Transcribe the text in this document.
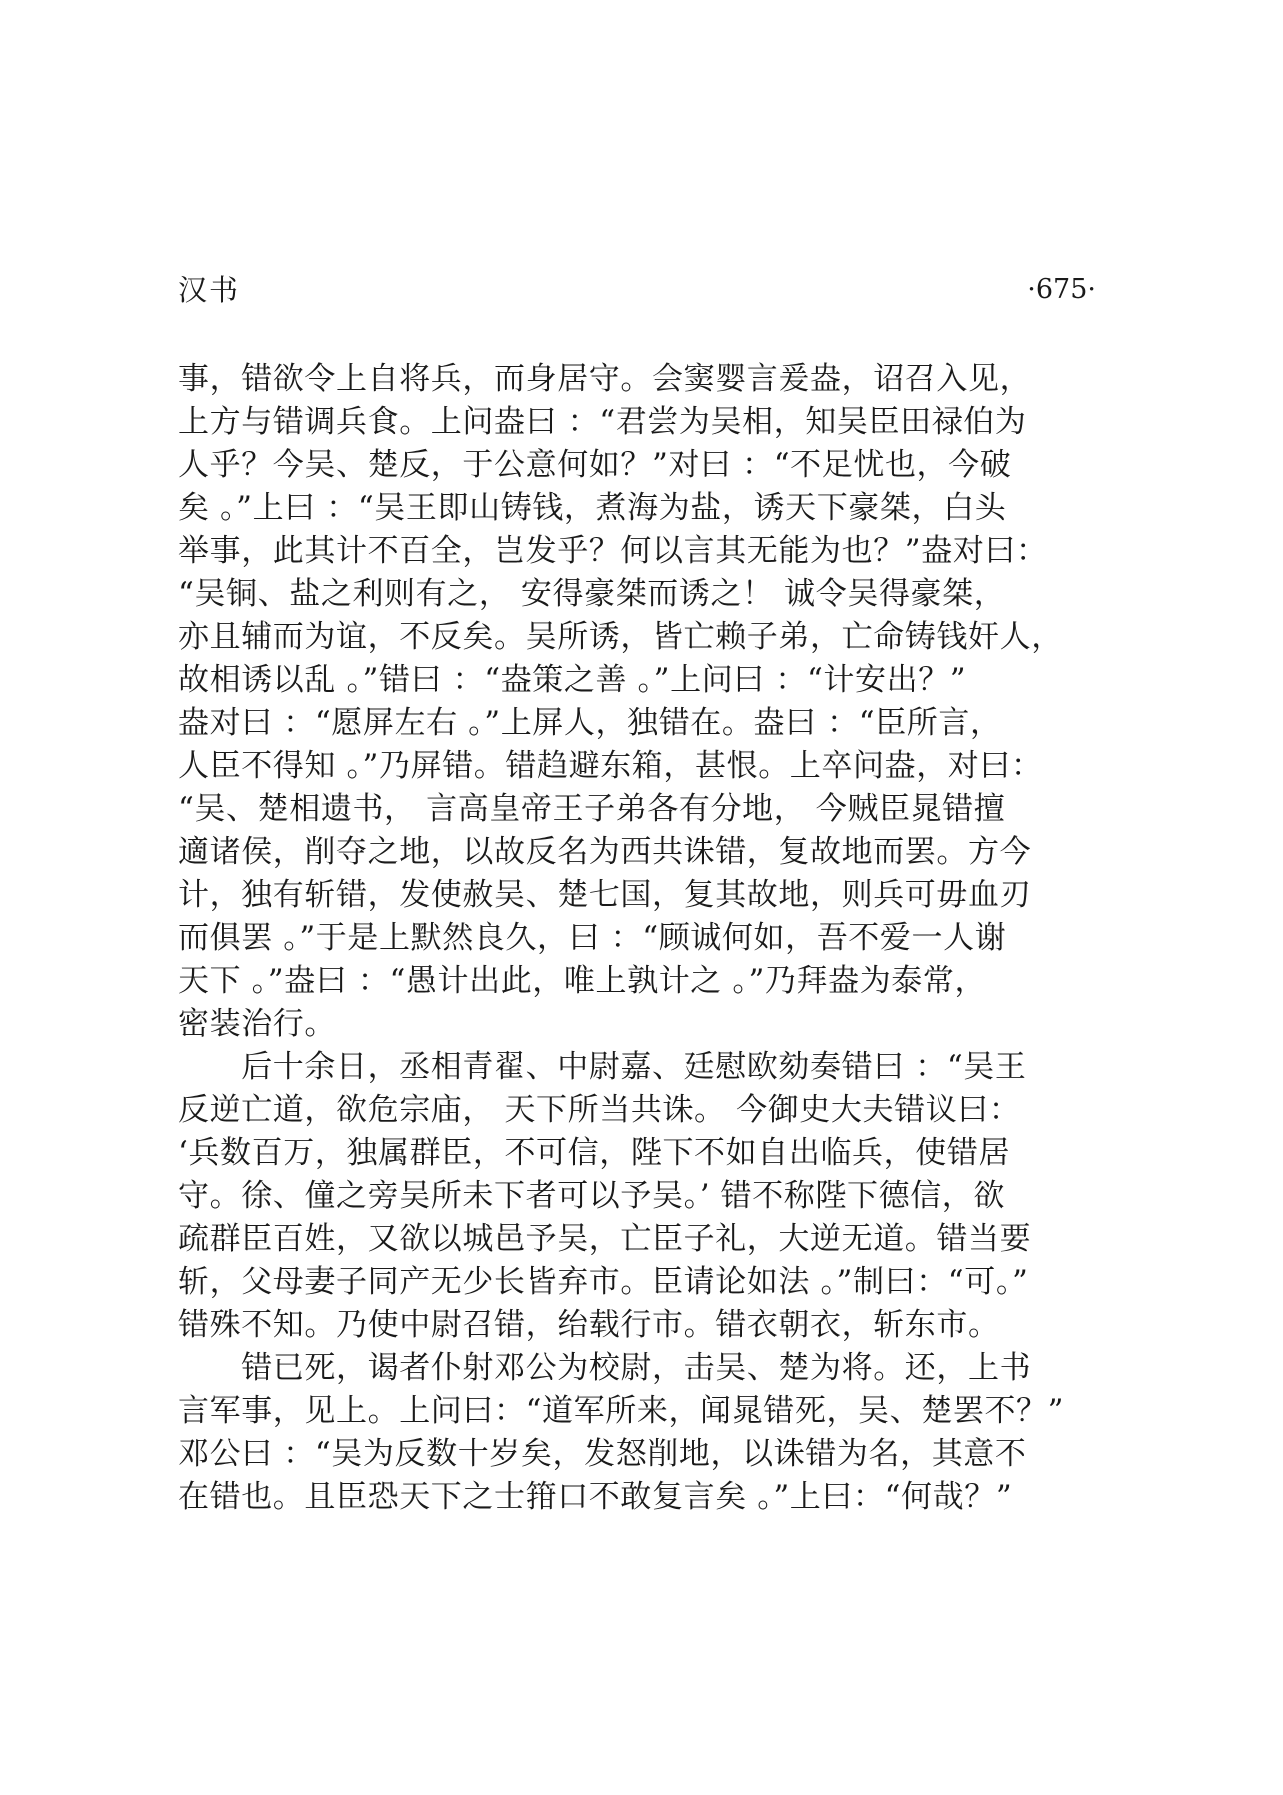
汉书	·675·
事，错欲令上自将兵，而身居守。会窦婴言爰盎，诏召入见，
上方与错调兵食。上问盎曰 ：“君尝为吴相，知吴臣田禄伯为
人乎？今吴、楚反，于公意何如？”对曰 ：“不足忧也，今破
矣 。”上曰 ：“吴王即山铸钱，煮海为盐，诱天下豪桀，白头
举事，此其计不百全，岂发乎？何以言其无能为也？”盎对曰：
“吴铜、盐之利则有之， 安得豪桀而诱之！ 诚令吴得豪桀，
亦且辅而为谊，不反矣。吴所诱，皆亡赖子弟，亡命铸钱奸人，
故相诱以乱 。”错曰 ：“盎策之善 。”上问曰 ：“计安出？”
盎对曰 ：“愿屏左右 。”上屏人，独错在。盎曰 ：“臣所言，
人臣不得知 。”乃屏错。错趋避东箱，甚恨。上卒问盎，对曰：
“吴、楚相遗书， 言高皇帝王子弟各有分地， 今贼臣晁错擅
適诸侯，削夺之地，以故反名为西共诛错，复故地而罢。方今
计，独有斩错，发使赦吴、楚七国，复其故地，则兵可毋血刃
而俱罢 。”于是上默然良久，曰 ：“顾诚何如，吾不爱一人谢
天下 。”盎曰 ：“愚计出此，唯上孰计之 。”乃拜盎为泰常，
密装治行。
　　后十余日，丞相青翟、中尉嘉、廷慰欧劾奏错曰 ：“吴王
反逆亡道，欲危宗庙， 天下所当共诛。 今御史大夫错议曰：
‘兵数百万，独属群臣，不可信，陛下不如自出临兵，使错居
守。徐、僮之旁吴所未下者可以予吴。’ 错不称陛下德信，欲
疏群臣百姓，又欲以城邑予吴，亡臣子礼，大逆无道。错当要
斩，父母妻子同产无少长皆弃市。臣请论如法 。”制曰：“可。”
错殊不知。乃使中尉召错，绐载行市。错衣朝衣，斩东市。
　　错已死，谒者仆射邓公为校尉，击吴、楚为将。还，上书
言军事，见上。上问曰：“道军所来，闻晁错死，吴、楚罢不？”
邓公曰 ：“吴为反数十岁矣，发怒削地，以诛错为名，其意不
在错也。且臣恐天下之士箝口不敢复言矣 。”上曰：“何哉？”
